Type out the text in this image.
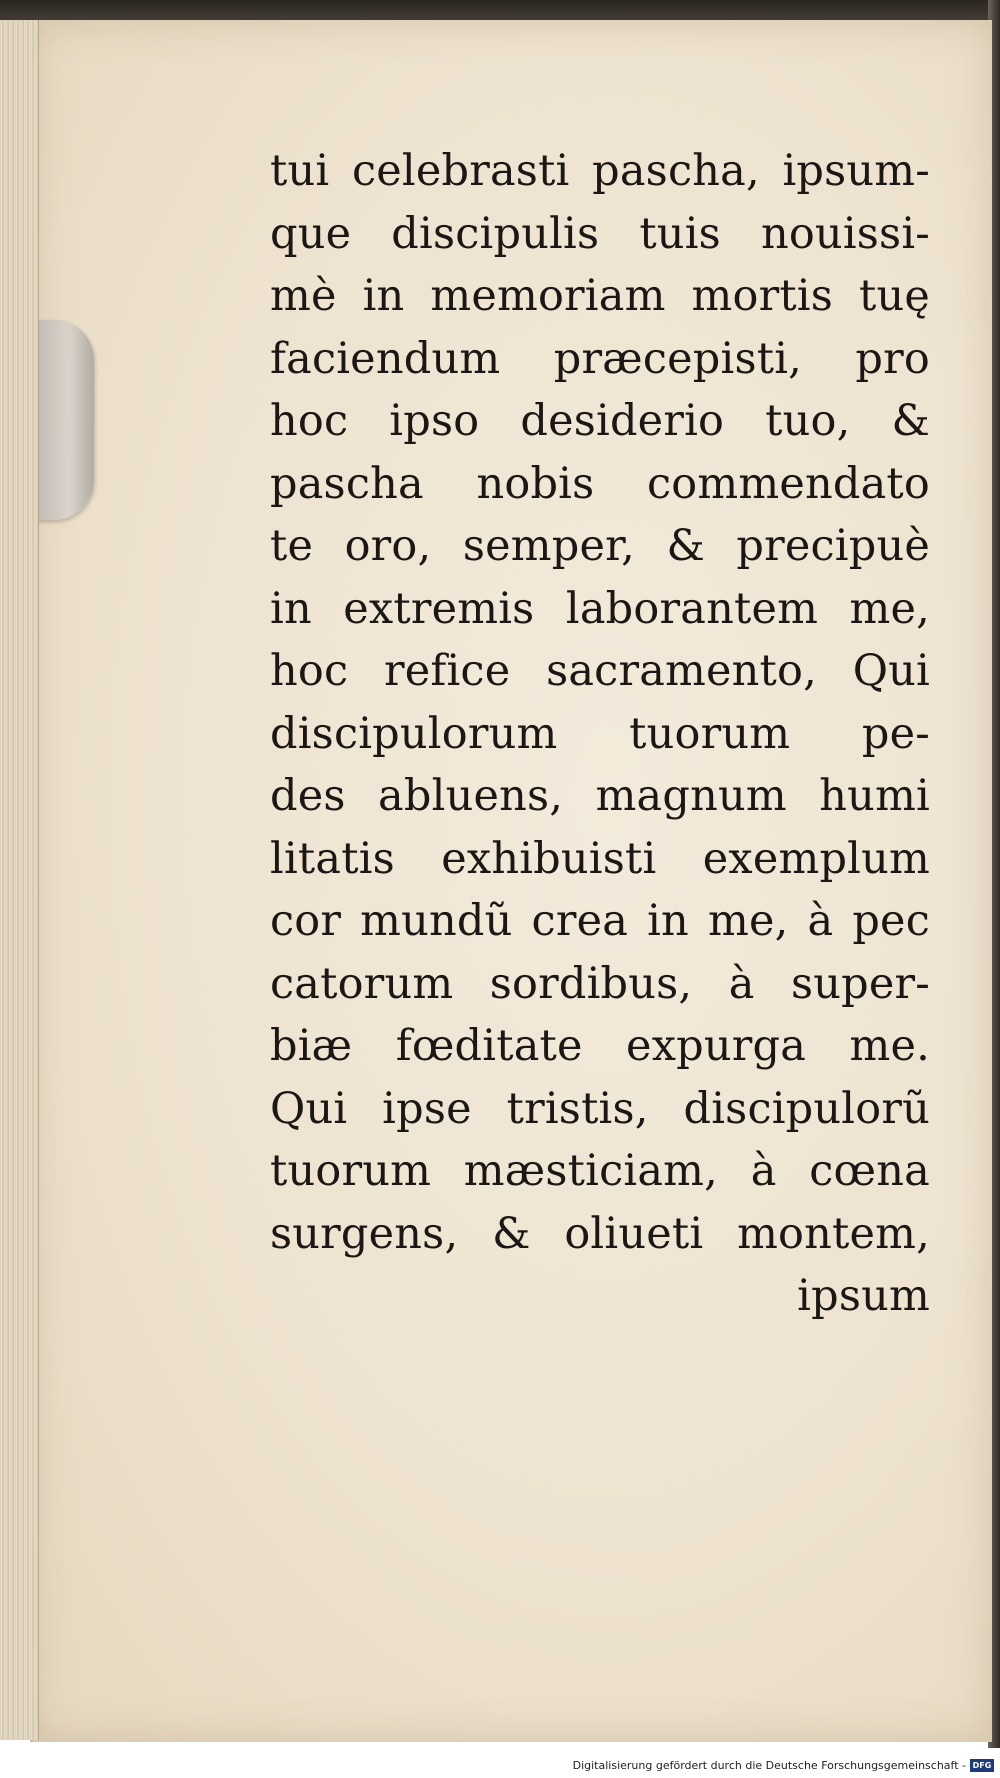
tui celebrasti pascha, ipsum-
que discipulis tuis nouissi-
mè in memoriam mortis tuę
faciendum præcepisti, pro
hoc ipso desiderio tuo, &
pascha nobis commendato
te oro, semper, & precipuè
in extremis laborantem me,
hoc refice sacramento, Qui
discipulorum tuorum pe-
des abluens, magnum humi
litatis exhibuisti exemplum
cor mundũ crea in me, à pec
catorum sordibus, à super-
biæ fœditate expurga me.
Qui ipse tristis, discipulorũ
tuorum mæsticiam, à cœna
surgens, & oliueti montem,
ipsum
Digitalisierung gefördert durch die Deutsche Forschungsgemeinschaft - DFG
